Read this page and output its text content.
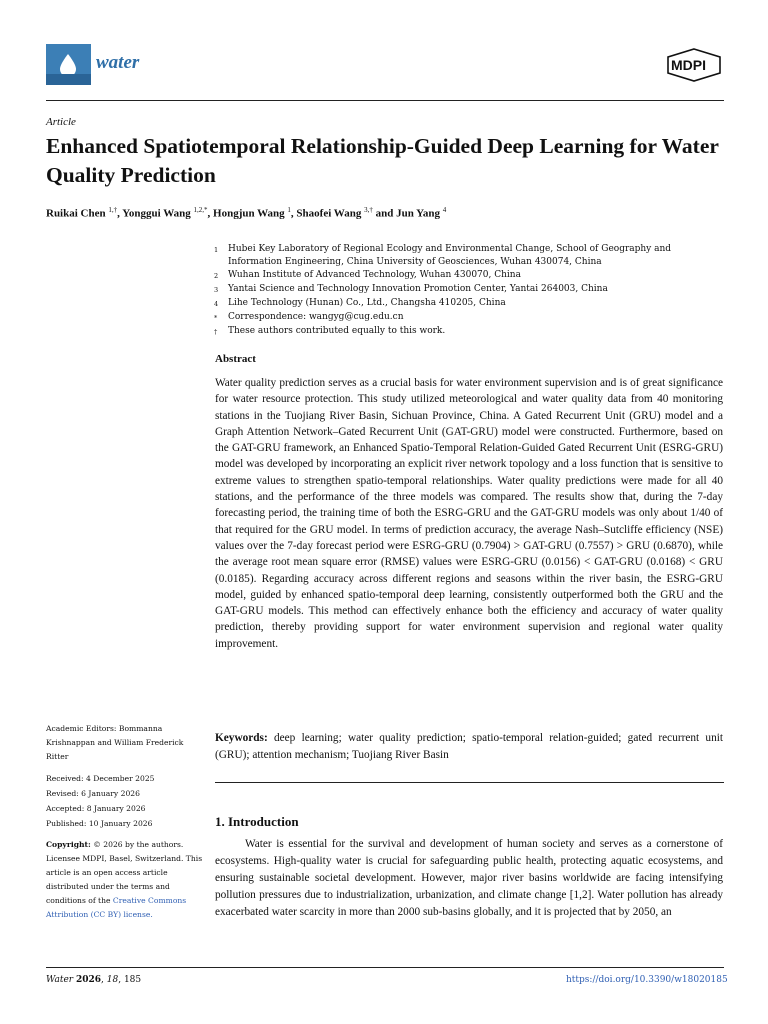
water	MDPI
Article
Enhanced Spatiotemporal Relationship-Guided Deep Learning for Water Quality Prediction
Ruikai Chen $^{1,\dagger}$, Yonggui Wang $^{1,2,*}$, Hongjun Wang $^1$, Shaofei Wang $^{3,\dagger}$ and Jun Yang $^4$
1	Hubei Key Laboratory of Regional Ecology and Environmental Change, School of Geography and Information Engineering, China University of Geosciences, Wuhan 430074, China
2	Wuhan Institute of Advanced Technology, Wuhan 430070, China
3	Yantai Science and Technology Innovation Promotion Center, Yantai 264003, China
4	Lihe Technology (Hunan) Co., Ltd., Changsha 410205, China
*	Correspondence: wangyg@cug.edu.cn
†	These authors contributed equally to this work.
Abstract
Water quality prediction serves as a crucial basis for water environment supervision and is of great significance for water resource protection. This study utilized meteorological and water quality data from 40 monitoring stations in the Tuojiang River Basin, Sichuan Province, China. A Gated Recurrent Unit (GRU) model and a Graph Attention Network–Gated Recurrent Unit (GAT-GRU) model were constructed. Furthermore, based on the GAT-GRU framework, an Enhanced Spatio-Temporal Relation-Guided Gated Recurrent Unit (ESRG-GRU) model was developed by incorporating an explicit river network topology and a loss function that is sensitive to extreme values to strengthen spatio-temporal relationships. Water quality predictions were made for all 40 stations, and the performance of the three models was compared. The results show that, during the 7-day forecasting period, the training time of both the ESRG-GRU and the GAT-GRU models was only about 1/40 of that required for the GRU model. In terms of prediction accuracy, the average Nash–Sutcliffe efficiency (NSE) values over the 7-day forecast period were ESRG-GRU (0.7904) > GAT-GRU (0.7557) > GRU (0.6870), while the average root mean square error (RMSE) values were ESRG-GRU (0.0156) < GAT-GRU (0.0168) < GRU (0.0185). Regarding accuracy across different regions and seasons within the river basin, the ESRG-GRU model, guided by enhanced spatio-temporal deep learning, consistently outperformed both the GRU and the GAT-GRU models. This method can effectively enhance both the efficiency and accuracy of water quality prediction, thereby providing support for water environment supervision and regional water quality improvement.
Keywords: deep learning; water quality prediction; spatio-temporal relation-guided; gated recurrent unit (GRU); attention mechanism; Tuojiang River Basin
Academic Editors: Bommanna Krishnappan and William Frederick Ritter
Received: 4 December 2025
Revised: 6 January 2026
Accepted: 8 January 2026
Published: 10 January 2026
Copyright: © 2026 by the authors. Licensee MDPI, Basel, Switzerland. This article is an open access article distributed under the terms and conditions of the Creative Commons Attribution (CC BY) license.
1. Introduction
Water is essential for the survival and development of human society and serves as a cornerstone of ecosystems. High-quality water is crucial for safeguarding public health, protecting aquatic ecosystems, and ensuring sustainable societal development. However, major river basins worldwide are facing intensifying pollution pressures due to industrialization, urbanization, and climate change [1,2]. Water pollution has already exacerbated water scarcity in more than 2000 sub-basins globally, and it is projected that by 2050, an
Water 2026, 18, 185	https://doi.org/10.3390/w18020185
